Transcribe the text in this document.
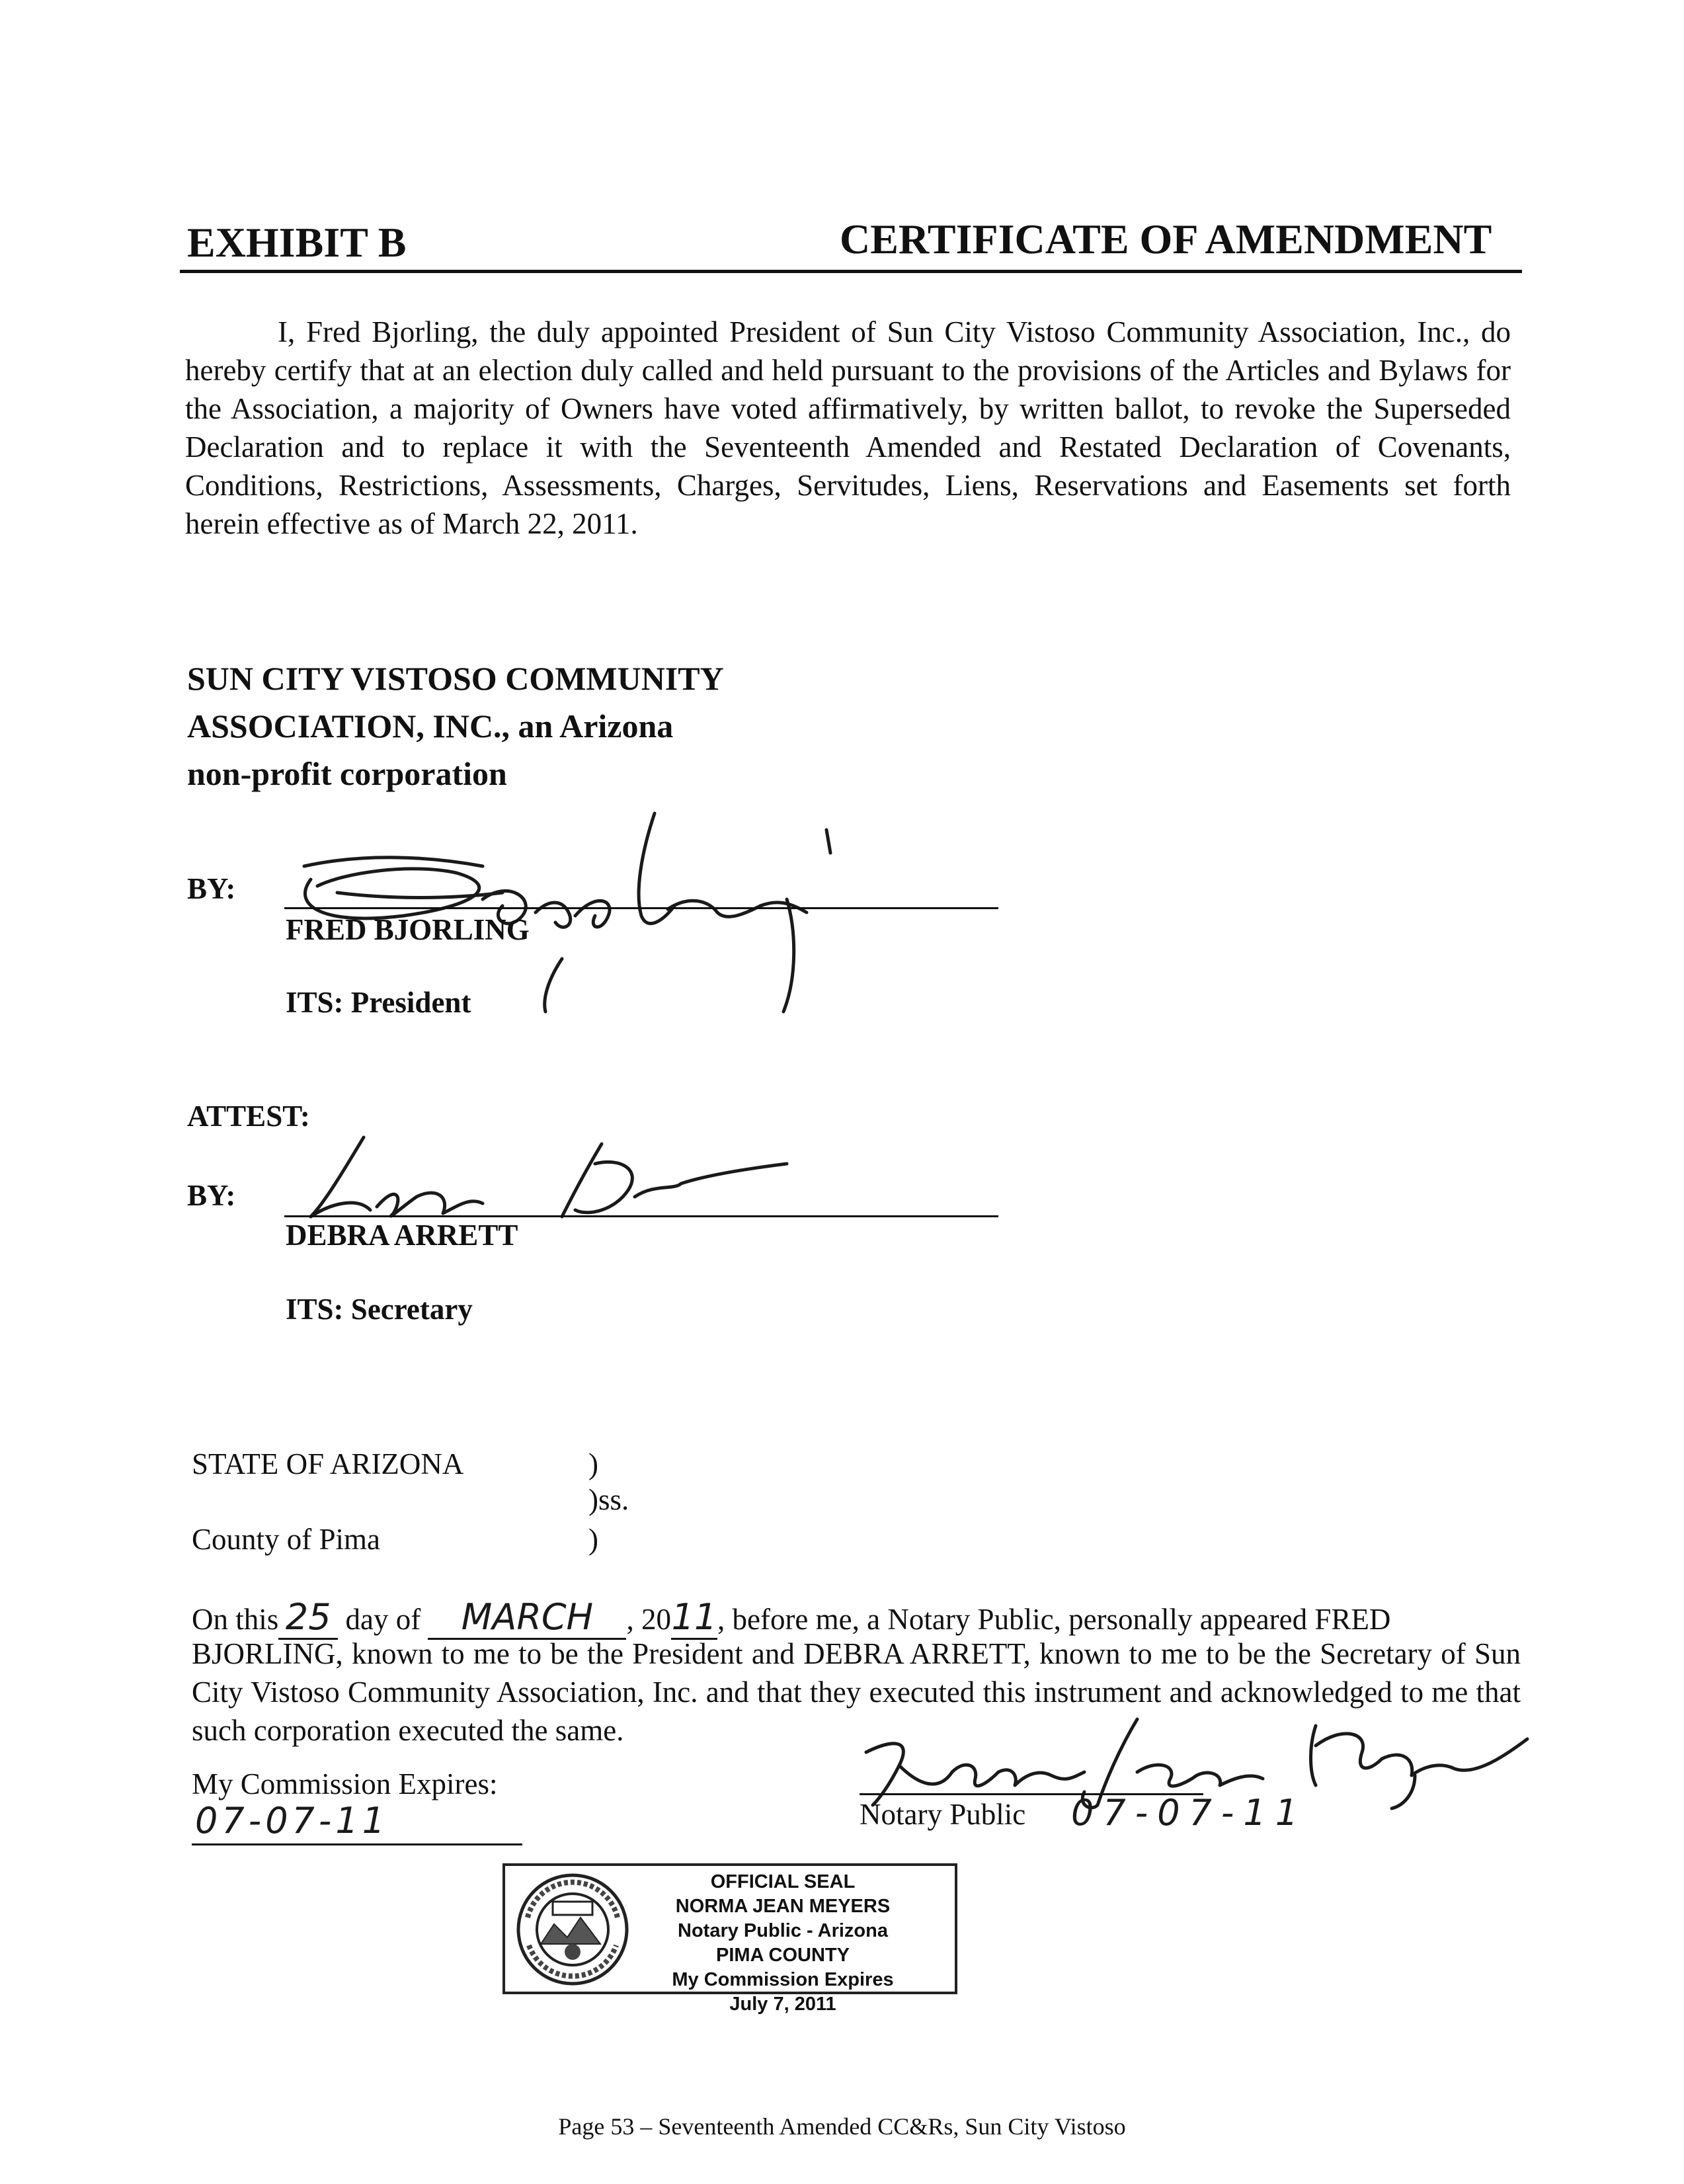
EXHIBIT B	CERTIFICATE OF AMENDMENT
I, Fred Bjorling, the duly appointed President of Sun City Vistoso Community Association, Inc., do hereby certify that at an election duly called and held pursuant to the provisions of the Articles and Bylaws for the Association, a majority of Owners have voted affirmatively, by written ballot, to revoke the Superseded Declaration and to replace it with the Seventeenth Amended and Restated Declaration of Covenants, Conditions, Restrictions, Assessments, Charges, Servitudes, Liens, Reservations and Easements set forth herein effective as of March 22, 2011.
SUN CITY VISTOSO COMMUNITY
ASSOCIATION, INC., an Arizona
non-profit corporation
BY:
FRED BJORLING
ITS: President
ATTEST:
BY:
DEBRA ARRETT
ITS: Secretary
STATE OF ARIZONA	)
)ss.
County of Pima	)
On this 25 day of MARCH , 2011, before me, a Notary Public, personally appeared FRED
BJORLING, known to me to be the President and DEBRA ARRETT, known to me to be the Secretary of Sun City Vistoso Community Association, Inc. and that they executed this instrument and acknowledged to me that such corporation executed the same.
My Commission Expires:
07-07-11	Notary Public 07-07-11
OFFICIAL SEAL
NORMA JEAN MEYERS
Notary Public - Arizona
PIMA COUNTY
My Commission Expires
July 7, 2011
Page 53 – Seventeenth Amended CC&Rs, Sun City Vistoso
